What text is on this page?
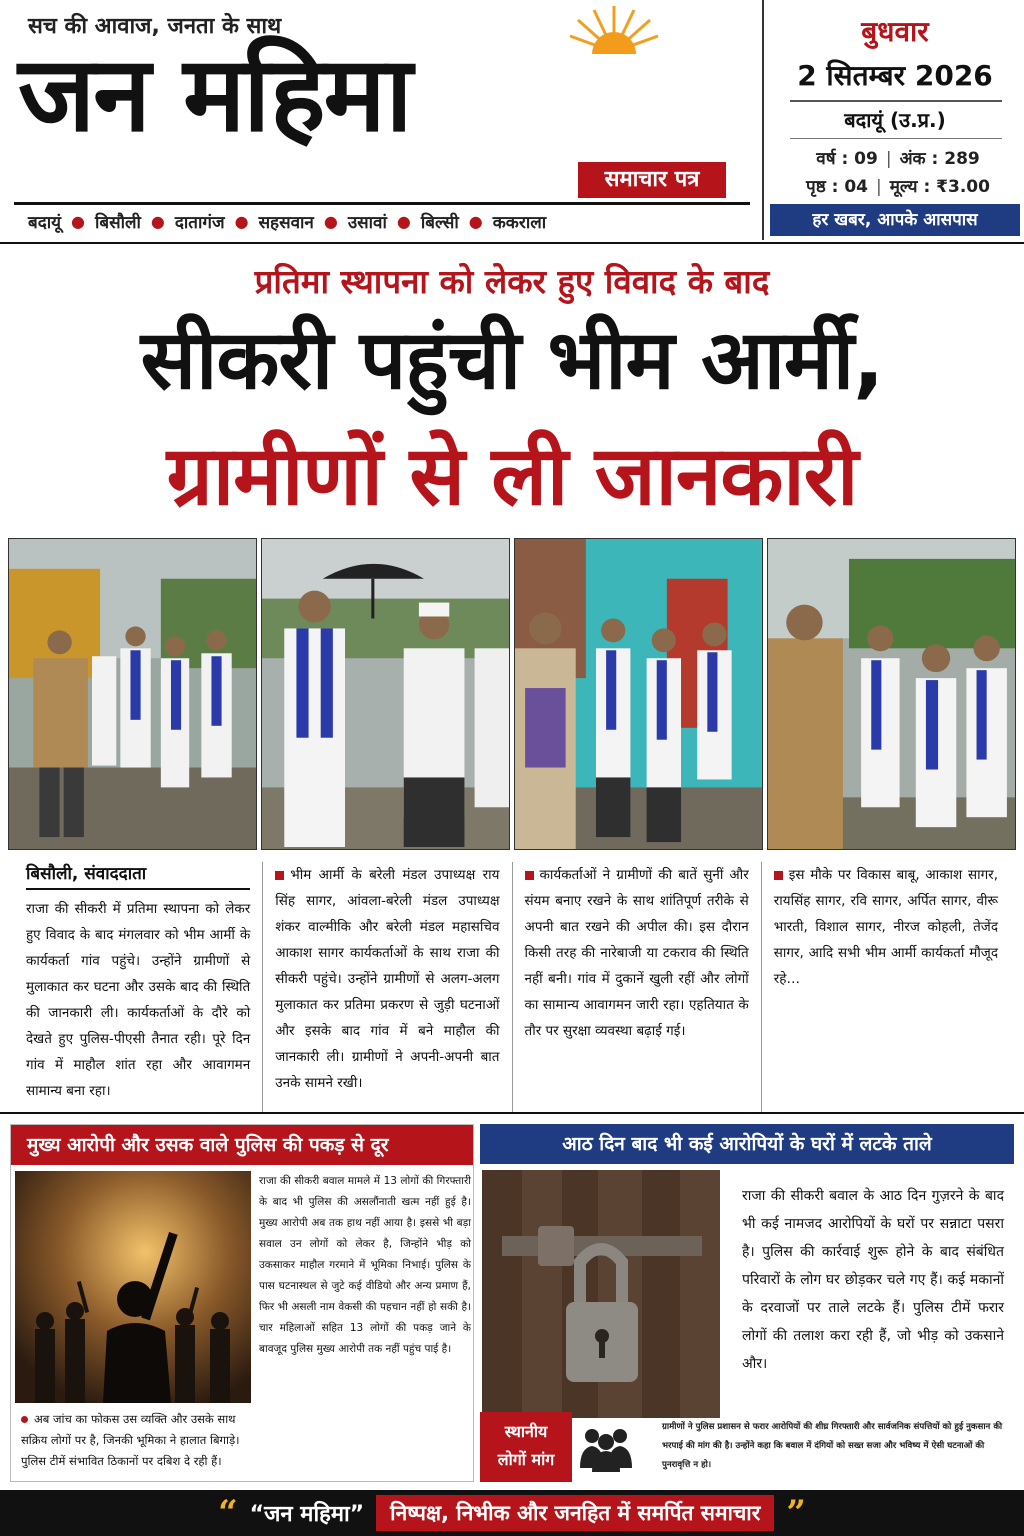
सच की आवाज, जनता के साथ
जन महिमा
समाचार पत्र
बदायूं ● बिसौली ● दातागंज ● सहसवान ● उसावां ● बिल्सी ● ककराला
बुधवार
2 सितम्बर 2026
बदायूं (उ.प्र.)
वर्ष : 09 | अंक : 289
पृष्ठ : 04 | मूल्य : ₹3.00
हर खबर, आपके आसपास
प्रतिमा स्थापना को लेकर हुए विवाद के बाद
सीकरी पहुंची भीम आर्मी,
ग्रामीणों से ली जानकारी
बिसौली, संवाददाता
राजा की सीकरी में प्रतिमा स्थापना को लेकर हुए विवाद के बाद मंगलवार को भीम आर्मी के कार्यकर्ता गांव पहुंचे। उन्होंने ग्रामीणों से मुलाकात कर घटना और उसके बाद की स्थिति की जानकारी ली। कार्यकर्ताओं के दौरे को देखते हुए पुलिस-पीएसी तैनात रही। पूरे दिन गांव में माहौल शांत रहा और आवागमन सामान्य बना रहा।
भीम आर्मी के बरेली मंडल उपाध्यक्ष राय सिंह सागर, आंवला-बरेली मंडल उपाध्यक्ष शंकर वाल्मीकि और बरेली मंडल महासचिव आकाश सागर कार्यकर्ताओं के साथ राजा की सीकरी पहुंचे। उन्होंने ग्रामीणों से अलग-अलग मुलाकात कर प्रतिमा प्रकरण से जुड़ी घटनाओं और इसके बाद गांव में बने माहौल की जानकारी ली। ग्रामीणों ने अपनी-अपनी बात उनके सामने रखी।
कार्यकर्ताओं ने ग्रामीणों की बातें सुनीं और संयम बनाए रखने के साथ शांतिपूर्ण तरीके से अपनी बात रखने की अपील की। इस दौरान किसी तरह की नारेबाजी या टकराव की स्थिति नहीं बनी। गांव में दुकानें खुली रहीं और लोगों का सामान्य आवागमन जारी रहा। एहतियात के तौर पर सुरक्षा व्यवस्था बढ़ाई गई।
इस मौके पर विकास बाबू, आकाश सागर, रायसिंह सागर, रवि सागर, अर्पित सागर, वीरू भारती, विशाल सागर, नीरज कोहली, तेजेंद सागर, आदि सभी भीम आर्मी कार्यकर्ता मौजूद रहे…
मुख्य आरोपी और उसक वाले पुलिस की पकड़ से दूर
राजा की सीकरी बवाल मामले में 13 लोगों की गिरफ्तारी के बाद भी पुलिस की असलौंनाती खत्म नहीं हुई है। मुख्य आरोपी अब तक हाथ नहीं आया है। इससे भी बड़ा सवाल उन लोगों को लेकर है, जिन्होंने भीड़ को उकसाकर माहौल गरमाने में भूमिका निभाई। पुलिस के पास घटनास्थल से जुटे कई वीडियो और अन्य प्रमाण हैं, फिर भी असली नाम वेकसी की पहचान नहीं हो सकी है। चार महिलाओं सहित 13 लोगों की पकड़ जाने के बावजूद पुलिस मुख्य आरोपी तक नहीं पहुंच पाई है।
अब जांच का फोकस उस व्यक्ति और उसके साथ सक्रिय लोगों पर है, जिनकी भूमिका ने हालात बिगाड़े। पुलिस टीमें संभावित ठिकानों पर दबिश दे रही हैं।
आठ दिन बाद भी कई आरोपियों के घरों में लटके ताले
राजा की सीकरी बवाल के आठ दिन गुज़रने के बाद भी कई नामजद आरोपियों के घरों पर सन्नाटा पसरा है। पुलिस की कार्रवाई शुरू होने के बाद संबंधित परिवारों के लोग घर छोड़कर चले गए हैं। कई मकानों के दरवाजों पर ताले लटके हैं। पुलिस टीमें फरार लोगों की तलाश करा रही हैं, जो भीड़ को उकसाने और।
स्थानीय
लोगों मांग
ग्रामीणों ने पुलिस प्रशासन से फरार आरोपियों की शीघ्र गिरफ्तारी और सार्वजनिक संपत्तियों को हुई नुकसान की भरपाई की मांग की है। उन्होंने कहा कि बवाल में दंगियों को सख्त सजा और भविष्य में ऐसी घटनाओं की पुनरावृत्ति न हो।
“ “जन महिमा”	निष्पक्ष, निभीक और जनहित में समर्पित समाचार ”
